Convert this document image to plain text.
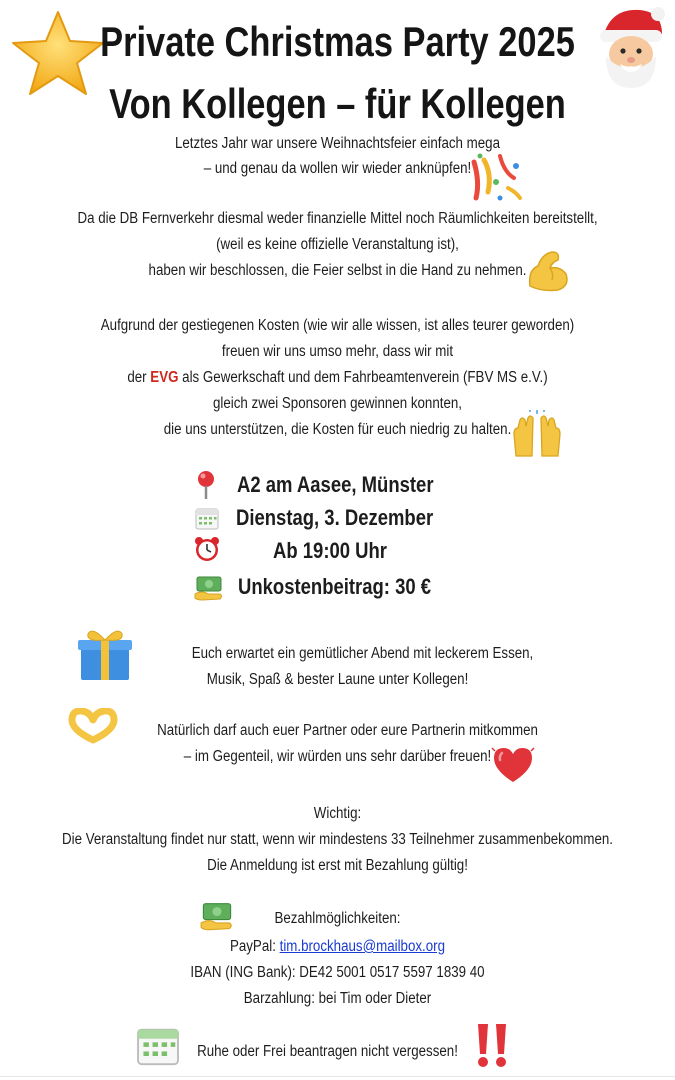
Private Christmas Party 2025
Von Kollegen – für Kollegen
Letztes Jahr war unsere Weihnachtsfeier einfach mega
– und genau da wollen wir wieder anknüpfen!
Da die DB Fernverkehr diesmal weder finanzielle Mittel noch Räumlichkeiten bereitstellt,
(weil es keine offizielle Veranstaltung ist),
haben wir beschlossen, die Feier selbst in die Hand zu nehmen.
Aufgrund der gestiegenen Kosten (wie wir alle wissen, ist alles teurer geworden)
freuen wir uns umso mehr, dass wir mit
der EVG als Gewerkschaft und dem Fahrbeamtenverein (FBV MS e.V.)
gleich zwei Sponsoren gewinnen konnten,
die uns unterstützen, die Kosten für euch niedrig zu halten.
A2 am Aasee, Münster
Dienstag, 3. Dezember
Ab 19:00 Uhr
Unkostenbeitrag: 30 €
Euch erwartet ein gemütlicher Abend mit leckerem Essen,
Musik, Spaß & bester Laune unter Kollegen!
Natürlich darf auch euer Partner oder eure Partnerin mitkommen
– im Gegenteil, wir würden uns sehr darüber freuen!
Wichtig:
Die Veranstaltung findet nur statt, wenn wir mindestens 33 Teilnehmer zusammenbekommen.
Die Anmeldung ist erst mit Bezahlung gültig!
Bezahlmöglichkeiten:
PayPal: tim.brockhaus@mailbox.org
IBAN (ING Bank): DE42 5001 0517 5597 1839 40
Barzahlung: bei Tim oder Dieter
Ruhe oder Frei beantragen nicht vergessen!
